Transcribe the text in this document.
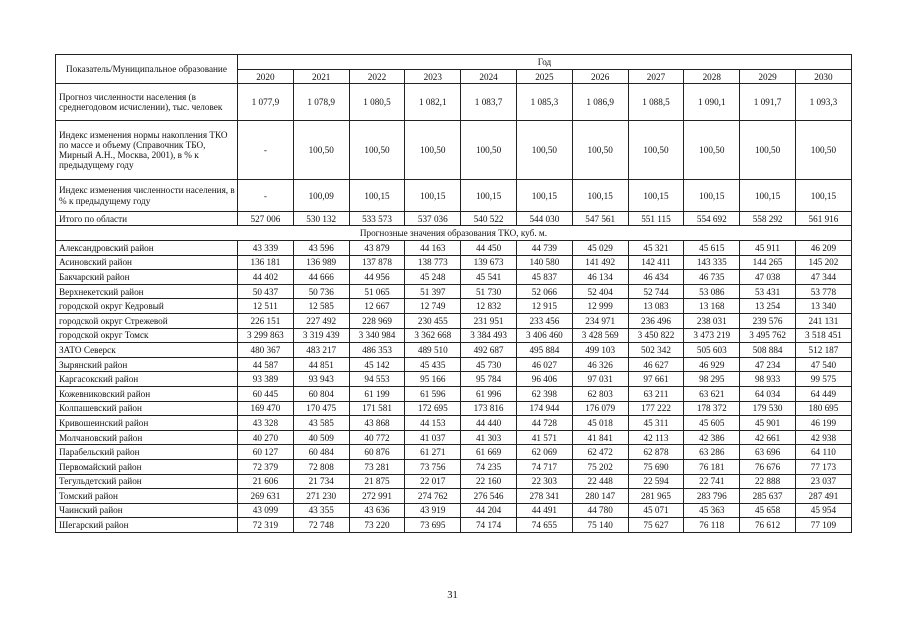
Показатель/Муниципальное образование	Год										
	2020	2021	2022	2023	2024	2025	2026	2027	2028	2029	2030
Прогноз численности населения (в среднегодовом исчислении), тыс. человек	1 077,9	1 078,9	1 080,5	1 082,1	1 083,7	1 085,3	1 086,9	1 088,5	1 090,1	1 091,7	1 093,3
Индекс изменения нормы накопления ТКО по массе и объему (Справочник ТБО, Мирный А.Н., Москва, 2001), в % к предыдущему году	-	100,50	100,50	100,50	100,50	100,50	100,50	100,50	100,50	100,50	100,50
Индекс изменения численности населения, в % к предыдущему году	-	100,09	100,15	100,15	100,15	100,15	100,15	100,15	100,15	100,15	100,15
Итого по области	527 006	530 132	533 573	537 036	540 522	544 030	547 561	551 115	554 692	558 292	561 916
Прогнозные значения образования ТКО, куб. м.											
Александровский район	43 339	43 596	43 879	44 163	44 450	44 739	45 029	45 321	45 615	45 911	46 209
Асиновский район	136 181	136 989	137 878	138 773	139 673	140 580	141 492	142 411	143 335	144 265	145 202
Бакчарский район	44 402	44 666	44 956	45 248	45 541	45 837	46 134	46 434	46 735	47 038	47 344
Верхнекетский район	50 437	50 736	51 065	51 397	51 730	52 066	52 404	52 744	53 086	53 431	53 778
городской округ Кедровый	12 511	12 585	12 667	12 749	12 832	12 915	12 999	13 083	13 168	13 254	13 340
городской округ Стрежевой	226 151	227 492	228 969	230 455	231 951	233 456	234 971	236 496	238 031	239 576	241 131
городской округ Томск	3 299 863	3 319 439	3 340 984	3 362 668	3 384 493	3 406 460	3 428 569	3 450 822	3 473 219	3 495 762	3 518 451
ЗАТО Северск	480 367	483 217	486 353	489 510	492 687	495 884	499 103	502 342	505 603	508 884	512 187
Зырянский район	44 587	44 851	45 142	45 435	45 730	46 027	46 326	46 627	46 929	47 234	47 540
Каргасокский район	93 389	93 943	94 553	95 166	95 784	96 406	97 031	97 661	98 295	98 933	99 575
Кожевниковский район	60 445	60 804	61 199	61 596	61 996	62 398	62 803	63 211	63 621	64 034	64 449
Колпашевский район	169 470	170 475	171 581	172 695	173 816	174 944	176 079	177 222	178 372	179 530	180 695
Кривошеинский район	43 328	43 585	43 868	44 153	44 440	44 728	45 018	45 311	45 605	45 901	46 199
Молчановский район	40 270	40 509	40 772	41 037	41 303	41 571	41 841	42 113	42 386	42 661	42 938
Парабельский район	60 127	60 484	60 876	61 271	61 669	62 069	62 472	62 878	63 286	63 696	64 110
Первомайский район	72 379	72 808	73 281	73 756	74 235	74 717	75 202	75 690	76 181	76 676	77 173
Тегульдетский район	21 606	21 734	21 875	22 017	22 160	22 303	22 448	22 594	22 741	22 888	23 037
Томский район	269 631	271 230	272 991	274 762	276 546	278 341	280 147	281 965	283 796	285 637	287 491
Чаинский район	43 099	43 355	43 636	43 919	44 204	44 491	44 780	45 071	45 363	45 658	45 954
Шегарский район	72 319	72 748	73 220	73 695	74 174	74 655	75 140	75 627	76 118	76 612	77 109
31
